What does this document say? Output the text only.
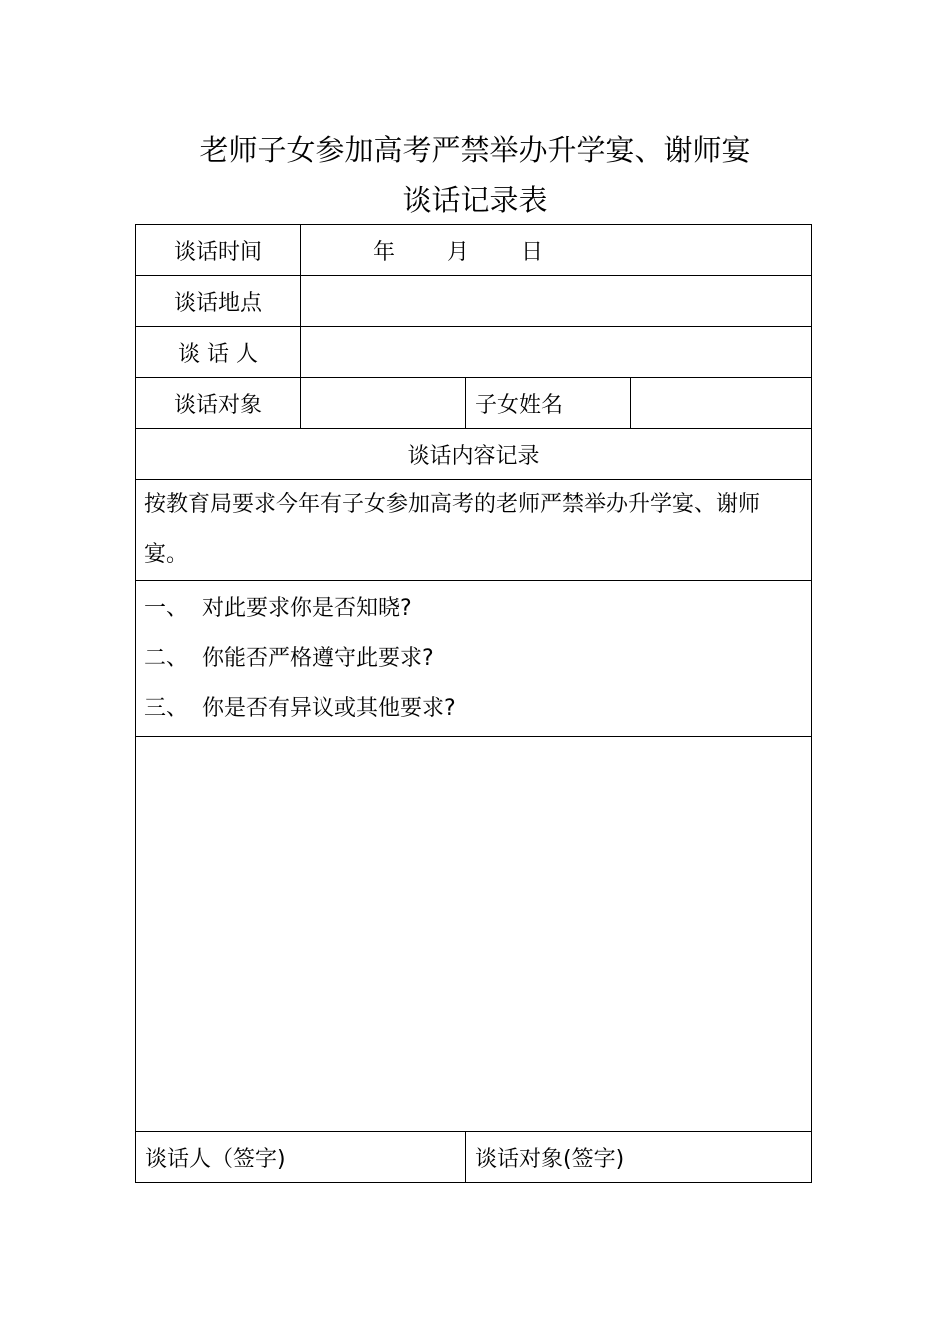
老师子女参加高考严禁举办升学宴、谢师宴
谈话记录表
谈话时间	年 月 日		
谈话地点			
谈 话 人			
谈话对象		子女姓名	
谈话内容记录			
按教育局要求今年有子女参加高考的老师严禁举办升学宴、谢师宴。			

一、 对此要求你是否知晓?
二、 你能否严格遵守此要求?
三、 你是否有异议或其他要求?			

谈话人（签字)		谈话对象(签字)	
